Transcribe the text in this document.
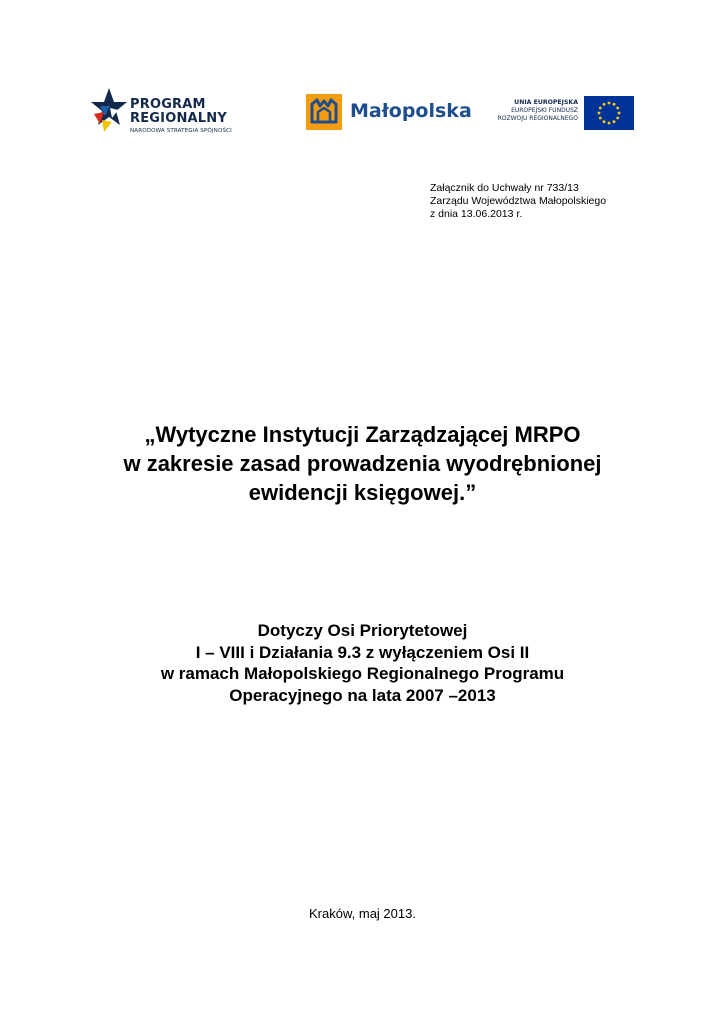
PROGRAM
REGIONALNY
NARODOWA STRATEGIA SPÓJNOŚCI
Małopolska	UNIA EUROPEJSKA
EUROPEJSKI FUNDUSZ
ROZWOJU REGIONALNEGO
Załącznik do Uchwały nr 733/13
Zarządu Województwa Małopolskiego
z dnia 13.06.2013 r.
„Wytyczne Instytucji Zarządzającej MRPO
w zakresie zasad prowadzenia wyodrębnionej
ewidencji księgowej.”
Dotyczy Osi Priorytetowej
I – VIII i Działania 9.3 z wyłączeniem Osi II
w ramach Małopolskiego Regionalnego Programu
Operacyjnego na lata 2007 –2013
Kraków, maj 2013.
